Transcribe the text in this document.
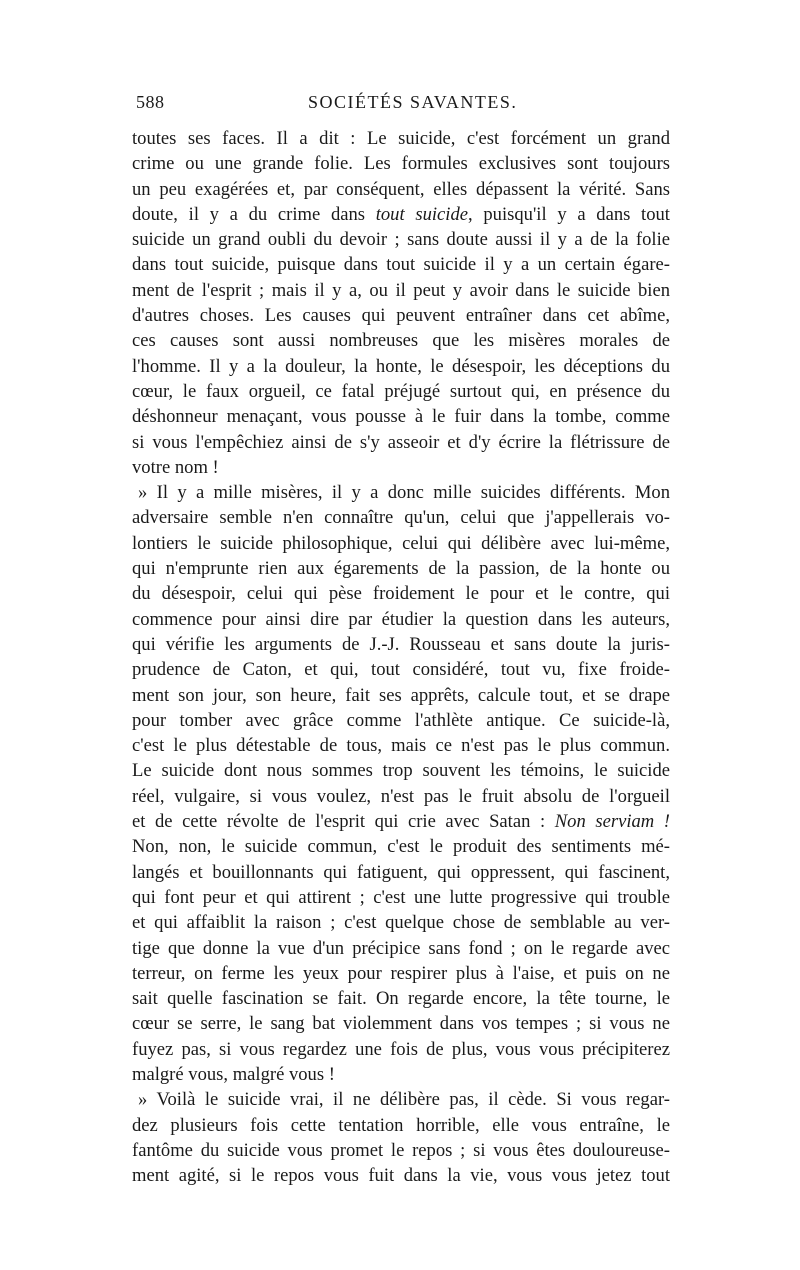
588	SOCIÉTÉS SAVANTES.
toutes ses faces. Il a dit : Le suicide, c'est forcément un grand
crime ou une grande folie. Les formules exclusives sont toujours
un peu exagérées et, par conséquent, elles dépassent la vérité. Sans
doute, il y a du crime dans tout suicide, puisqu'il y a dans tout
suicide un grand oubli du devoir ; sans doute aussi il y a de la folie
dans tout suicide, puisque dans tout suicide il y a un certain égare-
ment de l'esprit ; mais il y a, ou il peut y avoir dans le suicide bien
d'autres choses. Les causes qui peuvent entraîner dans cet abîme,
ces causes sont aussi nombreuses que les misères morales de
l'homme. Il y a la douleur, la honte, le désespoir, les déceptions du
cœur, le faux orgueil, ce fatal préjugé surtout qui, en présence du
déshonneur menaçant, vous pousse à le fuir dans la tombe, comme
si vous l'empêchiez ainsi de s'y asseoir et d'y écrire la flétrissure de
votre nom !
» Il y a mille misères, il y a donc mille suicides différents. Mon
adversaire semble n'en connaître qu'un, celui que j'appellerais vo-
lontiers le suicide philosophique, celui qui délibère avec lui-même,
qui n'emprunte rien aux égarements de la passion, de la honte ou
du désespoir, celui qui pèse froidement le pour et le contre, qui
commence pour ainsi dire par étudier la question dans les auteurs,
qui vérifie les arguments de J.-J. Rousseau et sans doute la juris-
prudence de Caton, et qui, tout considéré, tout vu, fixe froide-
ment son jour, son heure, fait ses apprêts, calcule tout, et se drape
pour tomber avec grâce comme l'athlète antique. Ce suicide-là,
c'est le plus détestable de tous, mais ce n'est pas le plus commun.
Le suicide dont nous sommes trop souvent les témoins, le suicide
réel, vulgaire, si vous voulez, n'est pas le fruit absolu de l'orgueil
et de cette révolte de l'esprit qui crie avec Satan : Non serviam !
Non, non, le suicide commun, c'est le produit des sentiments mé-
langés et bouillonnants qui fatiguent, qui oppressent, qui fascinent,
qui font peur et qui attirent ; c'est une lutte progressive qui trouble
et qui affaiblit la raison ; c'est quelque chose de semblable au ver-
tige que donne la vue d'un précipice sans fond ; on le regarde avec
terreur, on ferme les yeux pour respirer plus à l'aise, et puis on ne
sait quelle fascination se fait. On regarde encore, la tête tourne, le
cœur se serre, le sang bat violemment dans vos tempes ; si vous ne
fuyez pas, si vous regardez une fois de plus, vous vous précipiterez
malgré vous, malgré vous !
» Voilà le suicide vrai, il ne délibère pas, il cède. Si vous regar-
dez plusieurs fois cette tentation horrible, elle vous entraîne, le
fantôme du suicide vous promet le repos ; si vous êtes douloureuse-
ment agité, si le repos vous fuit dans la vie, vous vous jetez tout
